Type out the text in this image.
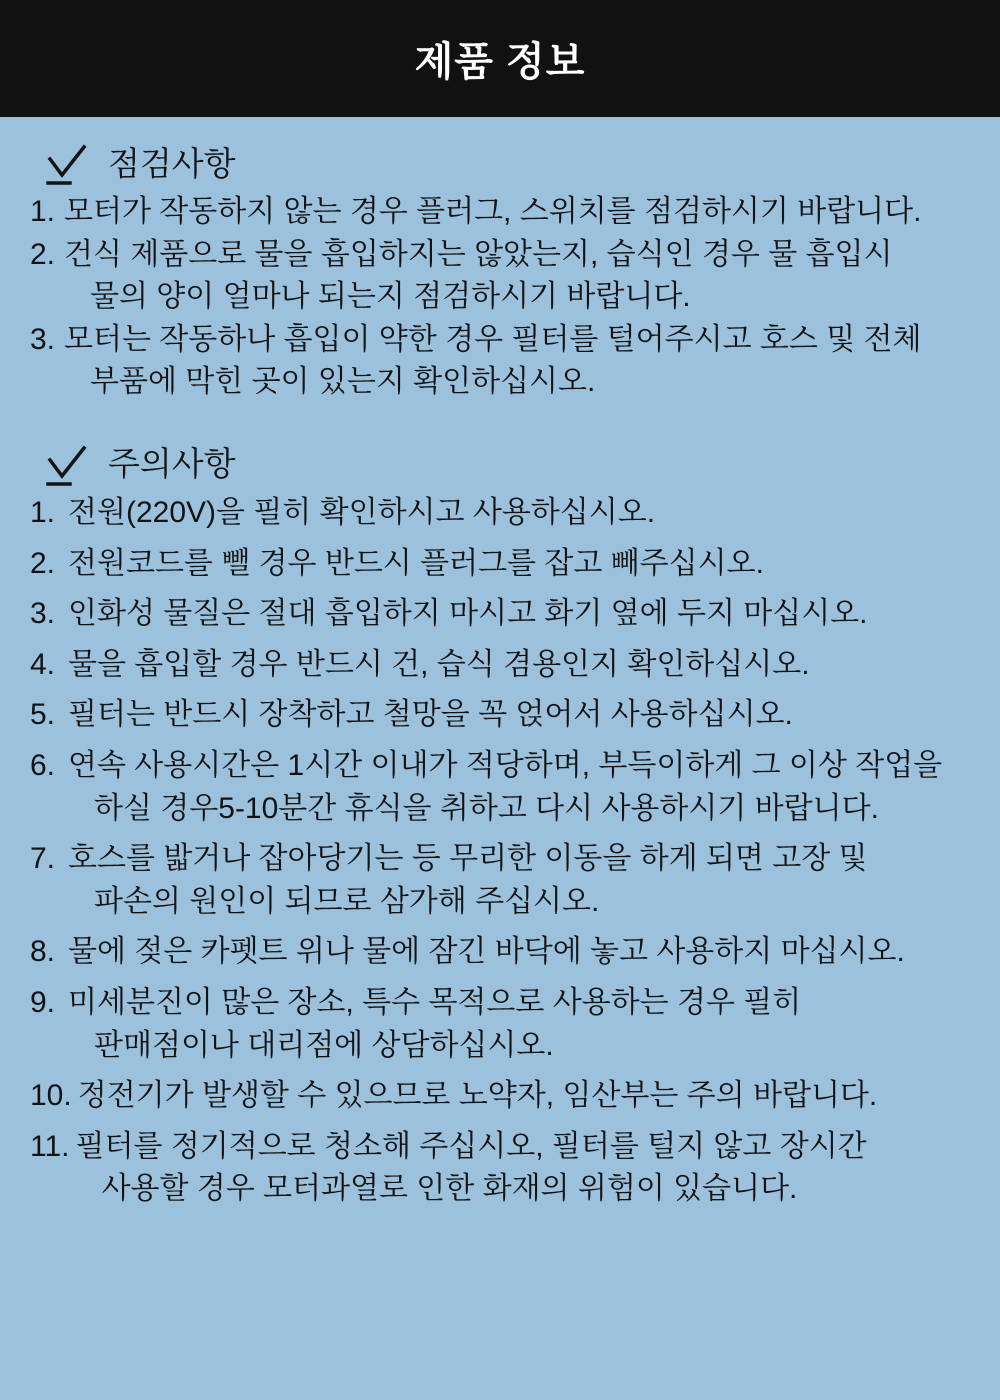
제품 정보
점검사항
1. 모터가 작동하지 않는 경우 플러그, 스위치를 점검하시기 바랍니다.
2. 건식 제품으로 물을 흡입하지는 않았는지, 습식인 경우 물 흡입시
물의 양이 얼마나 되는지 점검하시기 바랍니다.
3. 모터는 작동하나 흡입이 약한 경우 필터를 털어주시고 호스 및 전체
부품에 막힌 곳이 있는지 확인하십시오.
주의사항
1. 전원(220V)을 필히 확인하시고 사용하십시오.
2. 전원코드를 뺄 경우 반드시 플러그를 잡고 빼주십시오.
3. 인화성 물질은 절대 흡입하지 마시고 화기 옆에 두지 마십시오.
4. 물을 흡입할 경우 반드시 건, 습식 겸용인지 확인하십시오.
5. 필터는 반드시 장착하고 철망을 꼭 얹어서 사용하십시오.
6. 연속 사용시간은 1시간 이내가 적당하며, 부득이하게 그 이상 작업을
하실 경우5-10분간 휴식을 취하고 다시 사용하시기 바랍니다.
7. 호스를 밟거나 잡아당기는 등 무리한 이동을 하게 되면 고장 및
파손의 원인이 되므로 삼가해 주십시오.
8. 물에 젖은 카펫트 위나 물에 잠긴 바닥에 놓고 사용하지 마십시오.
9. 미세분진이 많은 장소, 특수 목적으로 사용하는 경우 필히
판매점이나 대리점에 상담하십시오.
10. 정전기가 발생할 수 있으므로 노약자, 임산부는 주의 바랍니다.
11. 필터를 정기적으로 청소해 주십시오, 필터를 털지 않고 장시간
사용할 경우 모터과열로 인한 화재의 위험이 있습니다.
